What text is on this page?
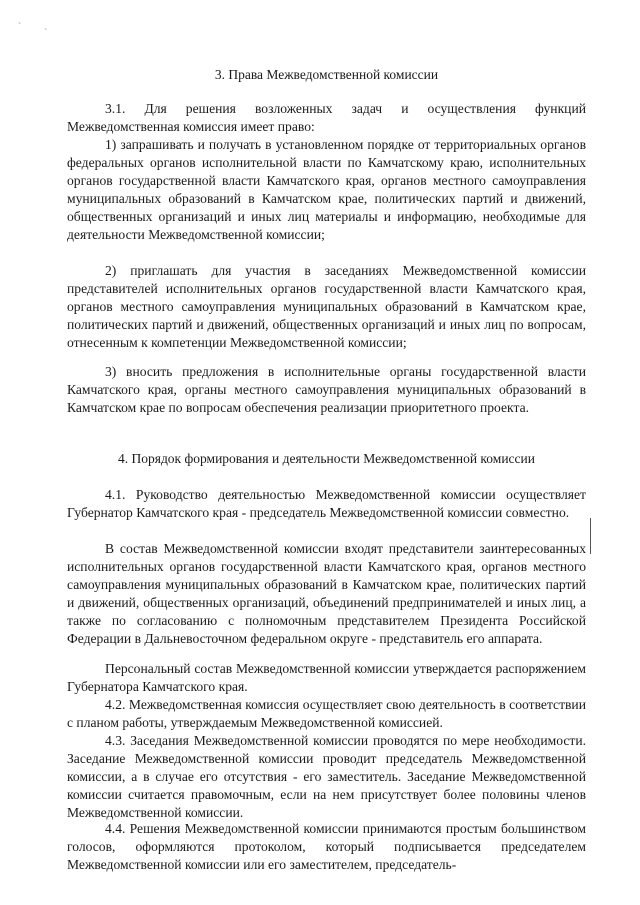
`
`
3. Права Межведомственной комиссии

3.1. Для решения возложенных задач и осуществления функций Межведомственная комиссия имеет право:

1) запрашивать и получать в установленном порядке от территориальных органов федеральных органов исполнительной власти по Камчатскому краю, исполнительных органов государственной власти Камчатского края, органов местного самоуправления муниципальных образований в Камчатском крае, политических партий и движений, общественных организаций и иных лиц материалы и информацию, необходимые для деятельности Межведомственной комиссии;

2) приглашать для участия в заседаниях Межведомственной комиссии представителей исполнительных органов государственной власти Камчатского края, органов местного самоуправления муниципальных образований в Камчатском крае, политических партий и движений, общественных организаций и иных лиц по вопросам, отнесенным к компетенции Межведомственной комиссии;

3) вносить предложения в исполнительные органы государственной власти Камчатского края, органы местного самоуправления муниципальных образований в Камчатском крае по вопросам обеспечения реализации приоритетного проекта.

4. Порядок формирования и деятельности Межведомственной комиссии

4.1. Руководство деятельностью Межведомственной комиссии осуществляет Губернатор Камчатского края - председатель Межведомственной комиссии совместно.

В состав Межведомственной комиссии входят представители заинтересованных исполнительных органов государственной власти Камчатского края, органов местного самоуправления муниципальных образований в Камчатском крае, политических партий и движений, общественных организаций, объединений предпринимателей и иных лиц, а также по согласованию с полномочным представителем Президента Российской Федерации в Дальневосточном федеральном округе - представитель его аппарата.

Персональный состав Межведомственной комиссии утверждается распоряжением Губернатора Камчатского края.

4.2. Межведомственная комиссия осуществляет свою деятельность в соответствии с планом работы, утверждаемым Межведомственной комиссией.

4.3. Заседания Межведомственной комиссии проводятся по мере необходимости. Заседание Межведомственной комиссии проводит председатель Межведомственной комиссии, а в случае его отсутствия - его заместитель. Заседание Межведомственной комиссии считается правомочным, если на нем присутствует более половины членов Межведомственной комиссии.

4.4. Решения Межведомственной комиссии принимаются простым большинством голосов, оформляются протоколом, который подписывается председателем Межведомственной комиссии или его заместителем, председатель-
